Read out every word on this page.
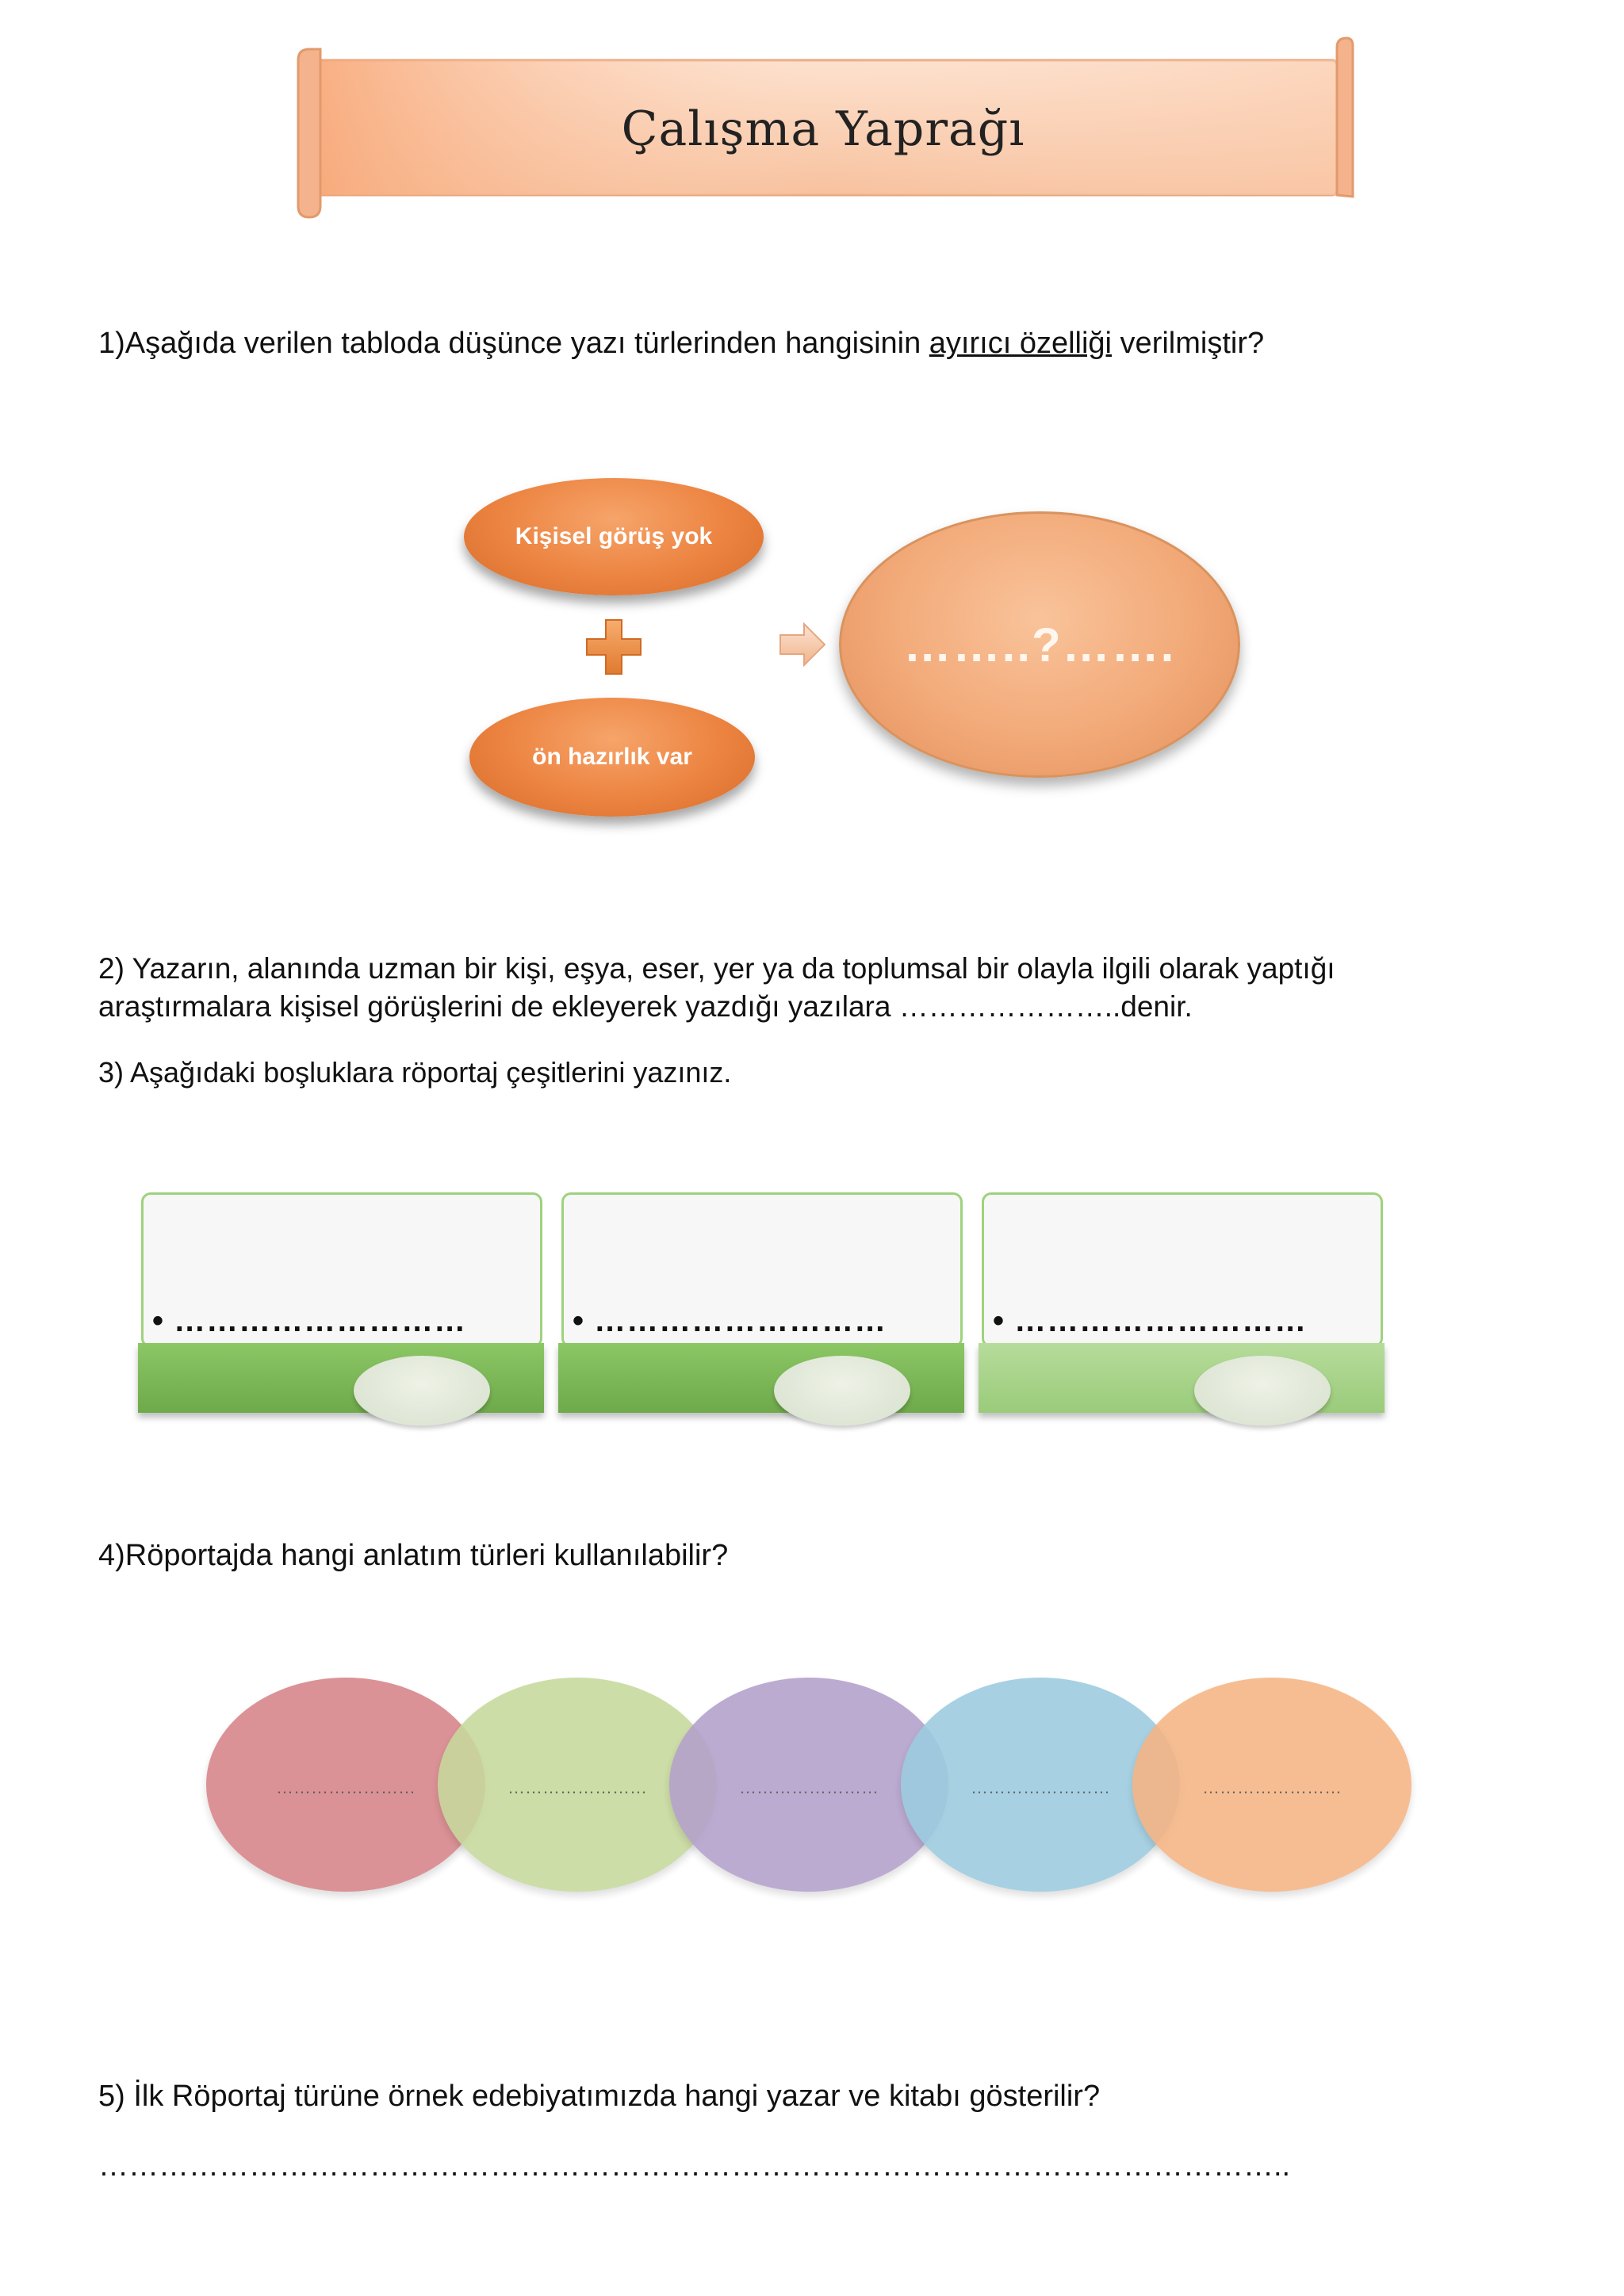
Çalışma Yaprağı
1)Aşağıda verilen tabloda düşünce yazı türlerinden hangisinin ayırıcı özelliği verilmiştir?
Kişisel görüş yok
ön hazırlık var
……..?…….
2) Yazarın, alanında uzman bir kişi, eşya, eser, yer ya da toplumsal bir olayla ilgili olarak yaptığı
araştırmalara kişisel görüşlerini de ekleyerek yazdığı yazılara …………………..denir.
3) Aşağıdaki boşluklara röportaj çeşitlerini yazınız.
• ………………………	• ………………………	• ………………………
4)Röportajda hangi anlatım türleri kullanılabilir?
……………………	……………………	……………………	……………………	……………………
5) İlk Röportaj türüne örnek edebiyatımızda hangi yazar ve kitabı gösterilir?
………………………………………………………………………………………………………..
